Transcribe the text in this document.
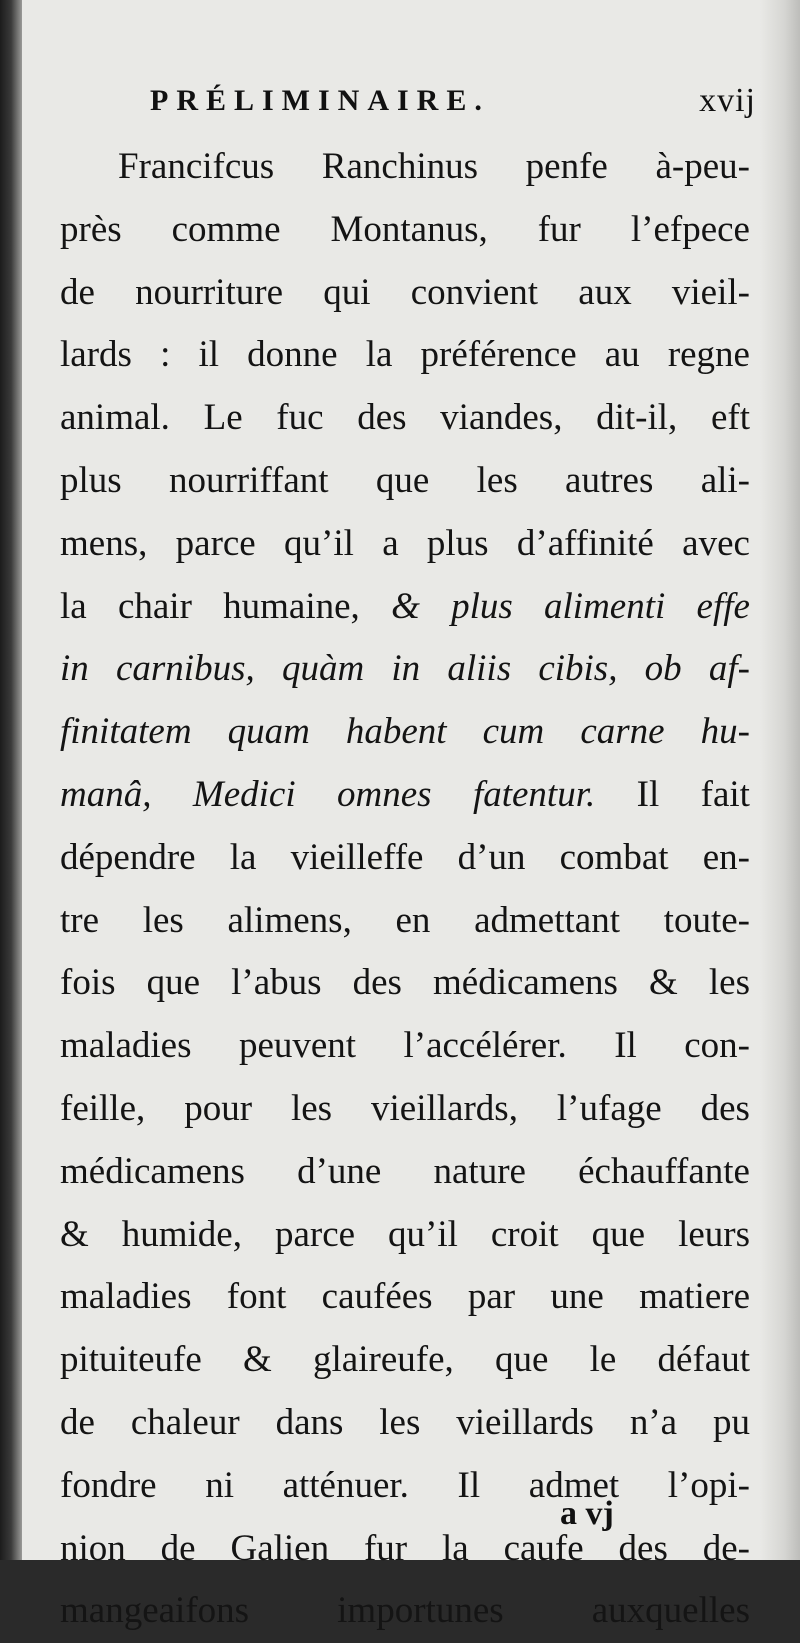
PRÉLIMINAIRE.	xvij
Francifcus Ranchinus penfe à-peu-
près comme Montanus, fur l’efpece
de nourriture qui convient aux vieil-
lards : il donne la préférence au regne
animal. Le fuc des viandes, dit-il, eft
plus nourriffant que les autres ali-
mens, parce qu’il a plus d’affinité avec
la chair humaine, & plus alimenti effe
in carnibus, quàm in aliis cibis, ob af-
finitatem quam habent cum carne hu-
manâ, Medici omnes fatentur. Il fait
dépendre la vieilleffe d’un combat en-
tre les alimens, en admettant toute-
fois que l’abus des médicamens & les
maladies peuvent l’accélérer. Il con-
feille, pour les vieillards, l’ufage des
médicamens d’une nature échauffante
& humide, parce qu’il croit que leurs
maladies font caufées par une matiere
pituiteufe & glaireufe, que le défaut
de chaleur dans les vieillards n’a pu
fondre ni atténuer. Il admet l’opi-
nion de Galien fur la caufe des de-
mangeaifons importunes auxquelles
a vj
